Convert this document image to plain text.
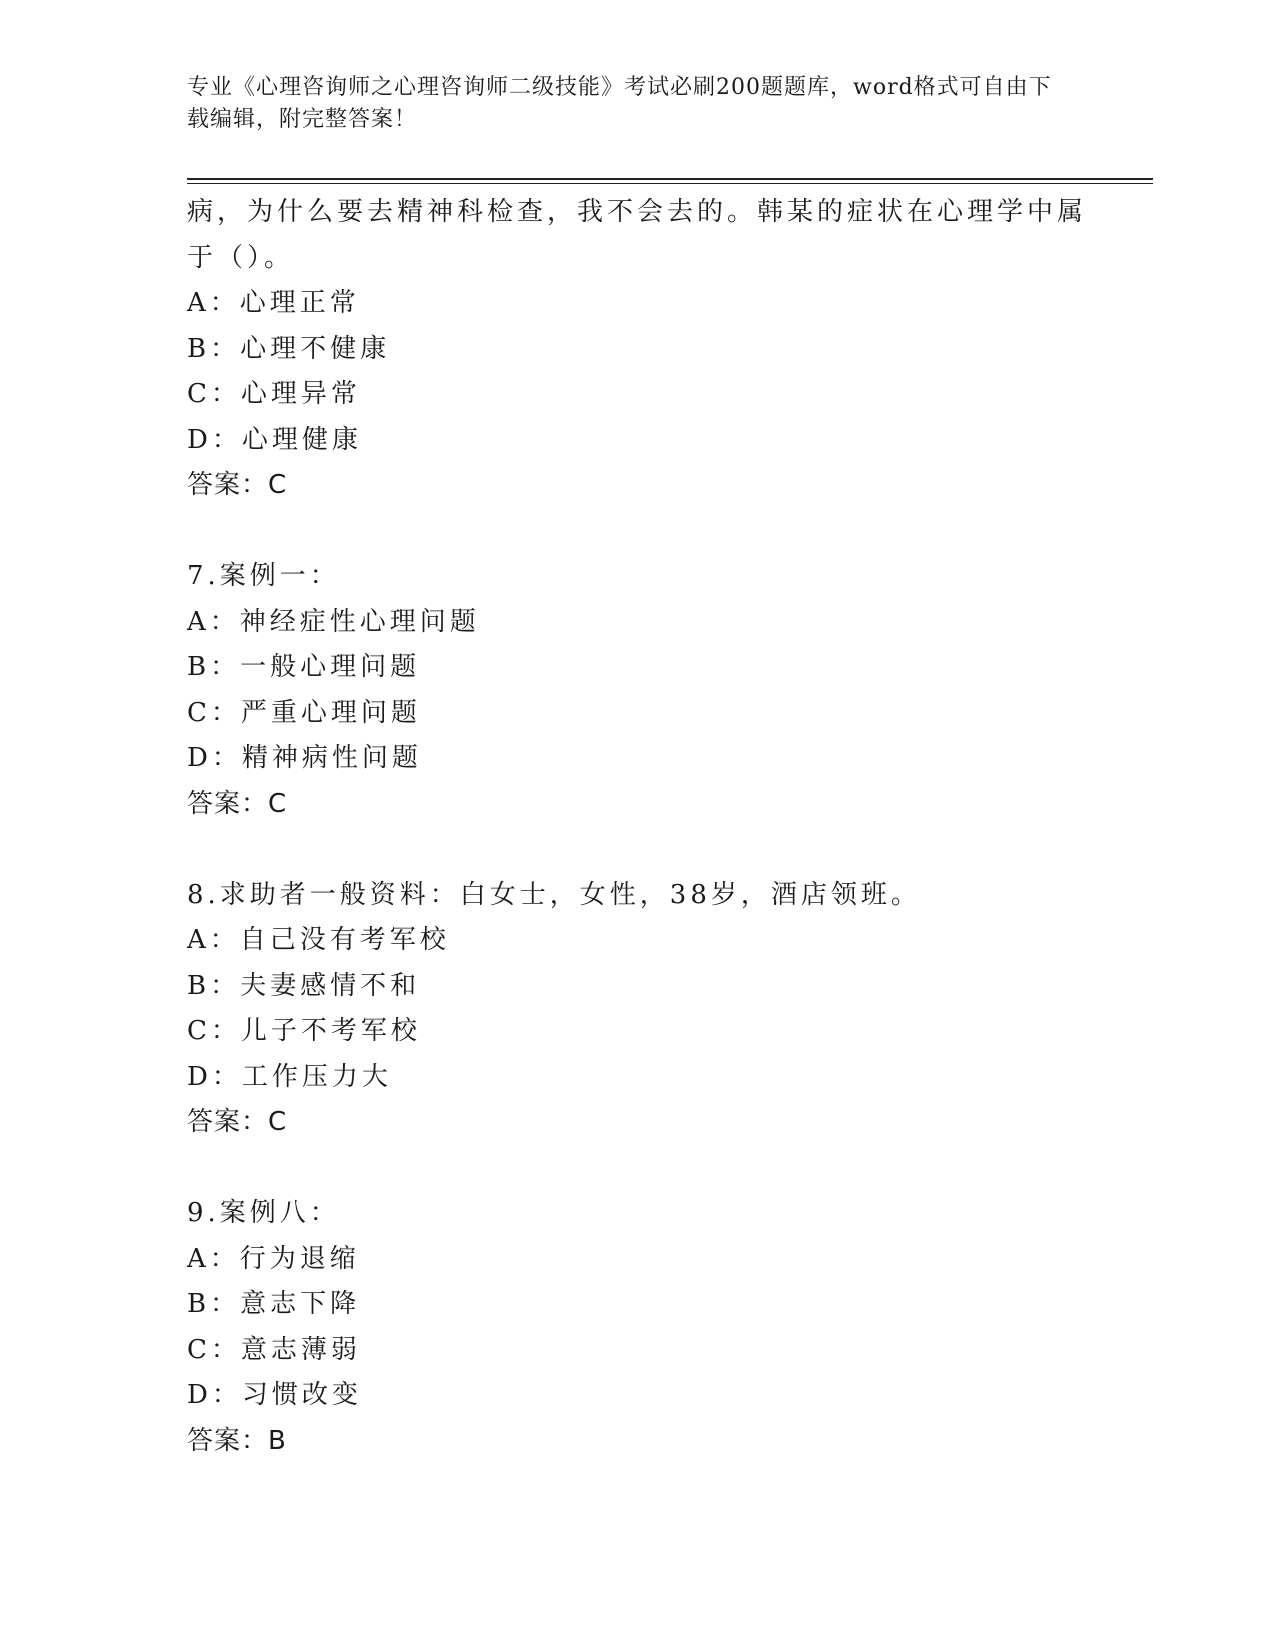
专业《心理咨询师之心理咨询师二级技能》考试必刷200题题库，word格式可自由下载编辑，附完整答案！
病，为什么要去精神科检查，我不会去的。韩某的症状在心理学中属
于（）。
A：心理正常
B：心理不健康
C：心理异常
D：心理健康
答案：C
7.案例一：
A：神经症性心理问题
B：一般心理问题
C：严重心理问题
D：精神病性问题
答案：C
8.求助者一般资料：白女士，女性，38岁，酒店领班。
A：自己没有考军校
B：夫妻感情不和
C：儿子不考军校
D：工作压力大
答案：C
9.案例八：
A：行为退缩
B：意志下降
C：意志薄弱
D：习惯改变
答案：B
